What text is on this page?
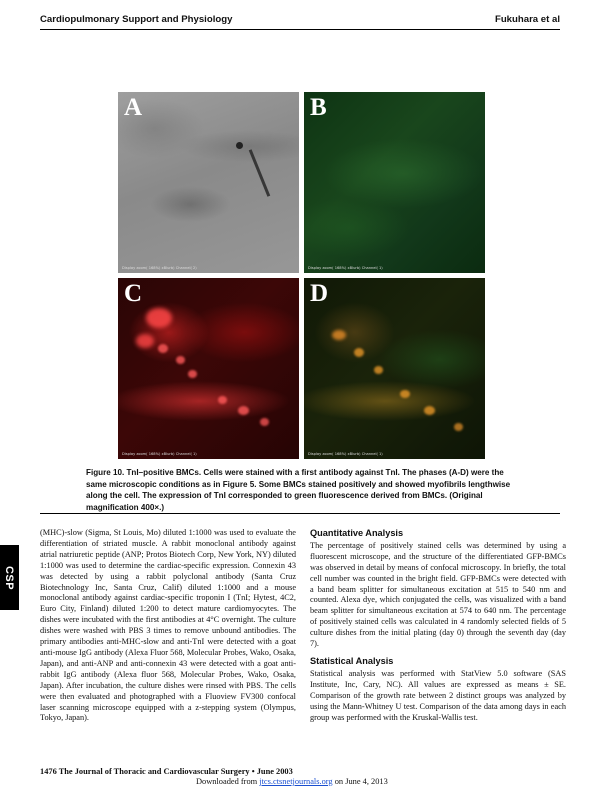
Cardiopulmonary Support and Physiology	Fukuhara et al
A
Display zoom( 168%) xBlurb) Channel( 2)
B
Display zoom( 168%) xBlurb) Channel( 1)
C
Display zoom( 168%) xBlurb) Channel( 1)
D
Display zoom( 168%) xBlurb) Channel( 1)
Figure 10. TnI–positive BMCs. Cells were stained with a first antibody against TnI. The phases (A-D) were the same microscopic conditions as in Figure 5. Some BMCs stained positively and showed myofibrils lengthwise along the cell. The expression of TnI corresponded to green fluorescence derived from BMCs. (Original magnification 400×.)
CSP

(MHC)-slow (Sigma, St Louis, Mo) diluted 1:1000 was used to evaluate the differentiation of striated muscle. A rabbit monoclonal antibody against atrial natriuretic peptide (ANP; Protos Biotech Corp, New York, NY) diluted 1:1000 was used to determine the cardiac-specific expression. Connexin 43 was detected by using a rabbit polyclonal antibody (Santa Cruz Biotechnology Inc, Santa Cruz, Calif) diluted 1:1000 and a mouse monoclonal antibody against cardiac-specific troponin I (TnI; Hytest, 4C2, Euro City, Finland) diluted 1:200 to detect mature cardiomyocytes. The dishes were incubated with the first antibodies at 4°C overnight. The culture dishes were washed with PBS 3 times to remove unbound antibodies. The primary antibodies anti-MHC-slow and anti-TnI were detected with a goat anti-mouse IgG antibody (Alexa Fluor 568, Molecular Probes, Wako, Osaka, Japan), and anti-ANP and anti-connexin 43 were detected with a goat anti-rabbit IgG antibody (Alexa fluor 568, Molecular Probes, Wako, Osaka, Japan). After incubation, the culture dishes were rinsed with PBS. The cells were then evaluated and photographed with a Fluoview FV300 confocal laser scanning microscope equipped with a z-stepping system (Olympus, Tokyo, Japan).

Quantitative Analysis

The percentage of positively stained cells was determined by using a fluorescent microscope, and the structure of the differentiated GFP-BMCs was observed in detail by means of confocal microscopy. In briefly, the total cell number was counted in the bright field. GFP-BMCs were detected with a band beam splitter for simultaneous excitation at 515 to 540 nm and counted. Alexa dye, which conjugated the cells, was visualized with a band beam splitter for simultaneous excitation at 574 to 640 nm. The percentage of positively stained cells was calculated in 4 randomly selected fields of 5 culture dishes from the initial plating (day 0) through the seventh day (day 7).

Statistical Analysis

Statistical analysis was performed with StatView 5.0 software (SAS Institute, Inc, Cary, NC). All values are expressed as means ± SE. Comparison of the growth rate between 2 distinct groups was analyzed by using the Mann-Whitney U test. Comparison of the data among days in each group was performed with the Kruskal-Wallis test.

1476 The Journal of Thoracic and Cardiovascular Surgery • June 2003
Downloaded from jtcs.ctsnetjournals.org on June 4, 2013
